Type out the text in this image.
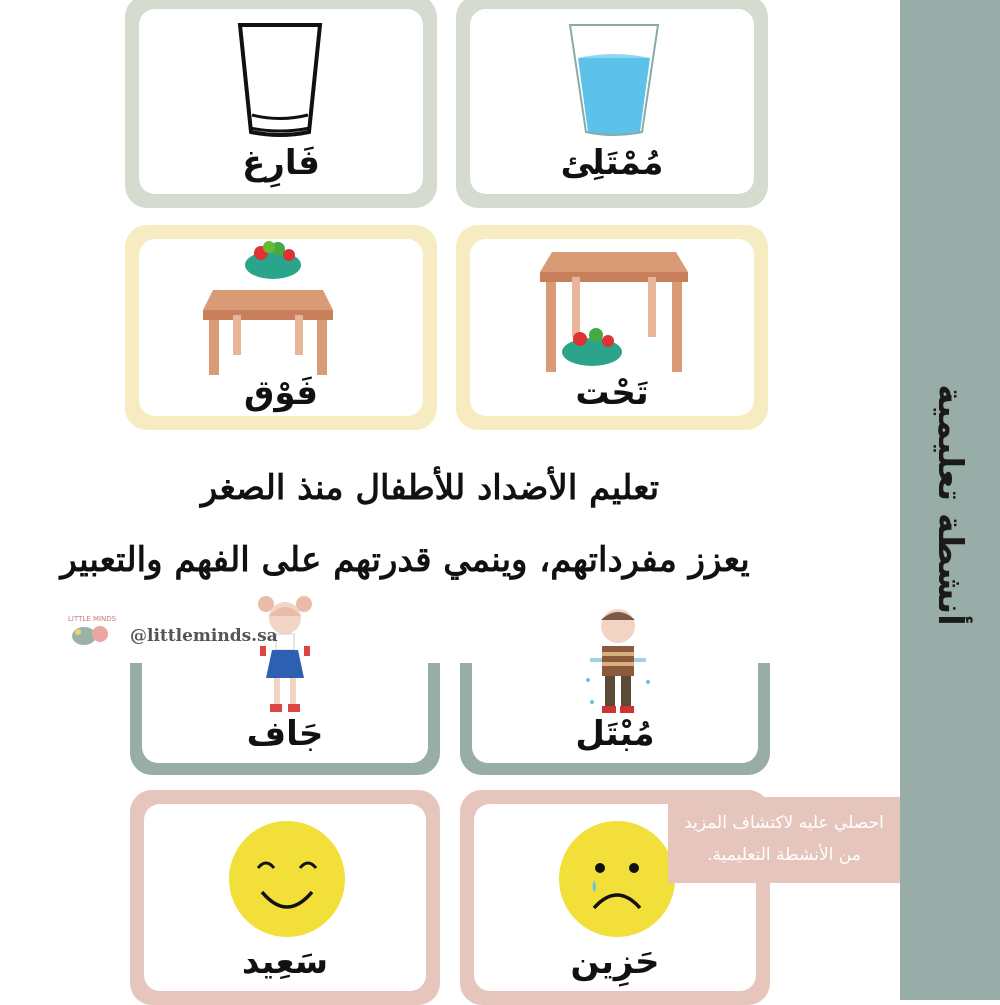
أنشطة تعليمية
فَارِغ	مُمْتَلِئ
فَوْق	تَحْت
جَاف	مُبْتَل
تعليم الأضداد للأطفال منذ الصغر
يعزز مفرداتهم، وينمي قدرتهم على الفهم والتعبير
LITTLE MINDS
@littleminds.sa
سَعِيد	حَزِين
احصلي عليه لاكتشاف المزيد
من الأنشطة التعليمية.
